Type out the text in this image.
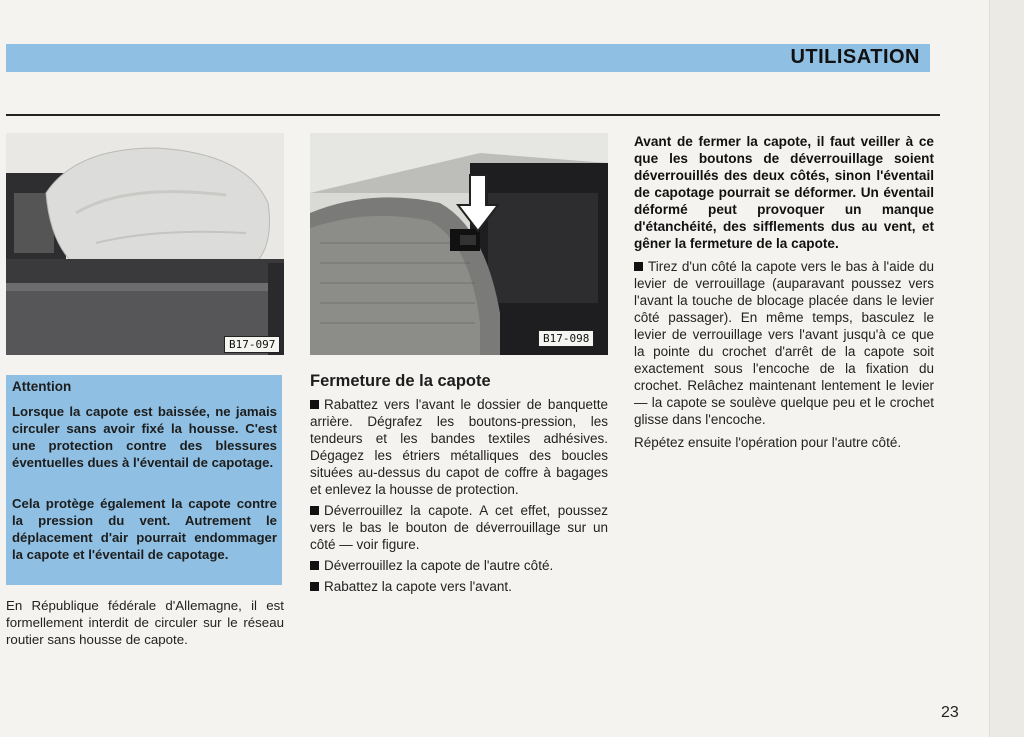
UTILISATION
B17-097	B17-098
Attention

Lorsque la capote est baissée, ne jamais circuler sans avoir fixé la housse. C'est une protection contre des blessures éventuelles dues à l'éventail de capotage.

Cela protège également la capote contre la pression du vent. Autrement le déplacement d'air pourrait endommager la capote et l'éventail de capotage.

En République fédérale d'Allemagne, il est formellement interdit de circuler sur le réseau routier sans housse de capote.

Fermeture de la capote

Rabattez vers l'avant le dossier de banquette arrière. Dégrafez les boutons-pression, les tendeurs et les bandes textiles adhésives. Dégagez les étriers métalliques des boucles situées au-dessus du capot de coffre à bagages et enlevez la housse de protection.

Déverrouillez la capote. A cet effet, poussez vers le bas le bouton de déverrouillage sur un côté — voir figure.

Déverrouillez la capote de l'autre côté.

Rabattez la capote vers l'avant.

Avant de fermer la capote, il faut veiller à ce que les boutons de déverrouillage soient déverrouillés des deux côtés, sinon l'éventail de capotage pourrait se déformer. Un éventail déformé peut provoquer un manque d'étanchéité, des sifflements dus au vent, et gêner la fermeture de la capote.

Tirez d'un côté la capote vers le bas à l'aide du levier de verrouillage (auparavant poussez vers l'avant la touche de blocage placée dans le levier côté passager). En même temps, basculez le levier de verrouillage vers l'avant jusqu'à ce que la pointe du crochet d'arrêt de la capote soit exactement sous l'encoche de la fixation du crochet. Relâchez maintenant lentement le levier — la capote se soulève quelque peu et le crochet glisse dans l'encoche.

Répétez ensuite l'opération pour l'autre côté.

23
